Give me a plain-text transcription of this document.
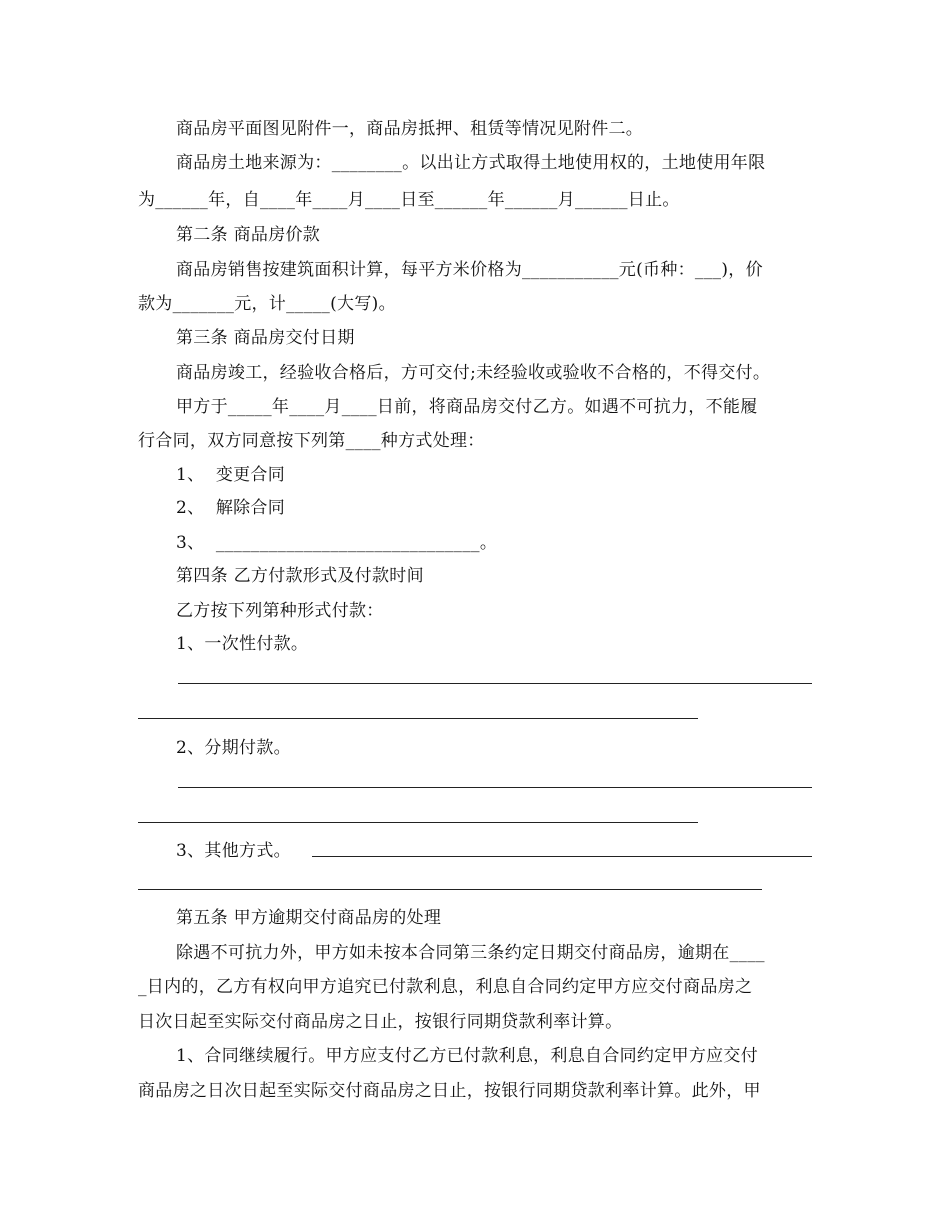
商品房平面图见附件一，商品房抵押、租赁等情况见附件二。
商品房土地来源为：________。以出让方式取得土地使用权的，土地使用年限
为______年，自____年____月____日至______年______月______日止。
第二条 商品房价款
商品房销售按建筑面积计算，每平方米价格为___________元(币种：___)，价
款为_______元，计_____(大写)。
第三条 商品房交付日期
商品房竣工，经验收合格后，方可交付;未经验收或验收不合格的，不得交付。
甲方于_____年____月____日前，将商品房交付乙方。如遇不可抗力，不能履
行合同，双方同意按下列第____种方式处理：
1、  变更合同
2、  解除合同
3、  ______________________________。
第四条 乙方付款形式及付款时间
乙方按下列第种形式付款：
1、一次性付款。
2、分期付款。
3、其他方式。
第五条 甲方逾期交付商品房的处理
除遇不可抗力外，甲方如未按本合同第三条约定日期交付商品房，逾期在____
_日内的，乙方有权向甲方追究已付款利息，利息自合同约定甲方应交付商品房之
日次日起至实际交付商品房之日止，按银行同期贷款利率计算。
1、合同继续履行。甲方应支付乙方已付款利息，利息自合同约定甲方应交付
商品房之日次日起至实际交付商品房之日止，按银行同期贷款利率计算。此外，甲
